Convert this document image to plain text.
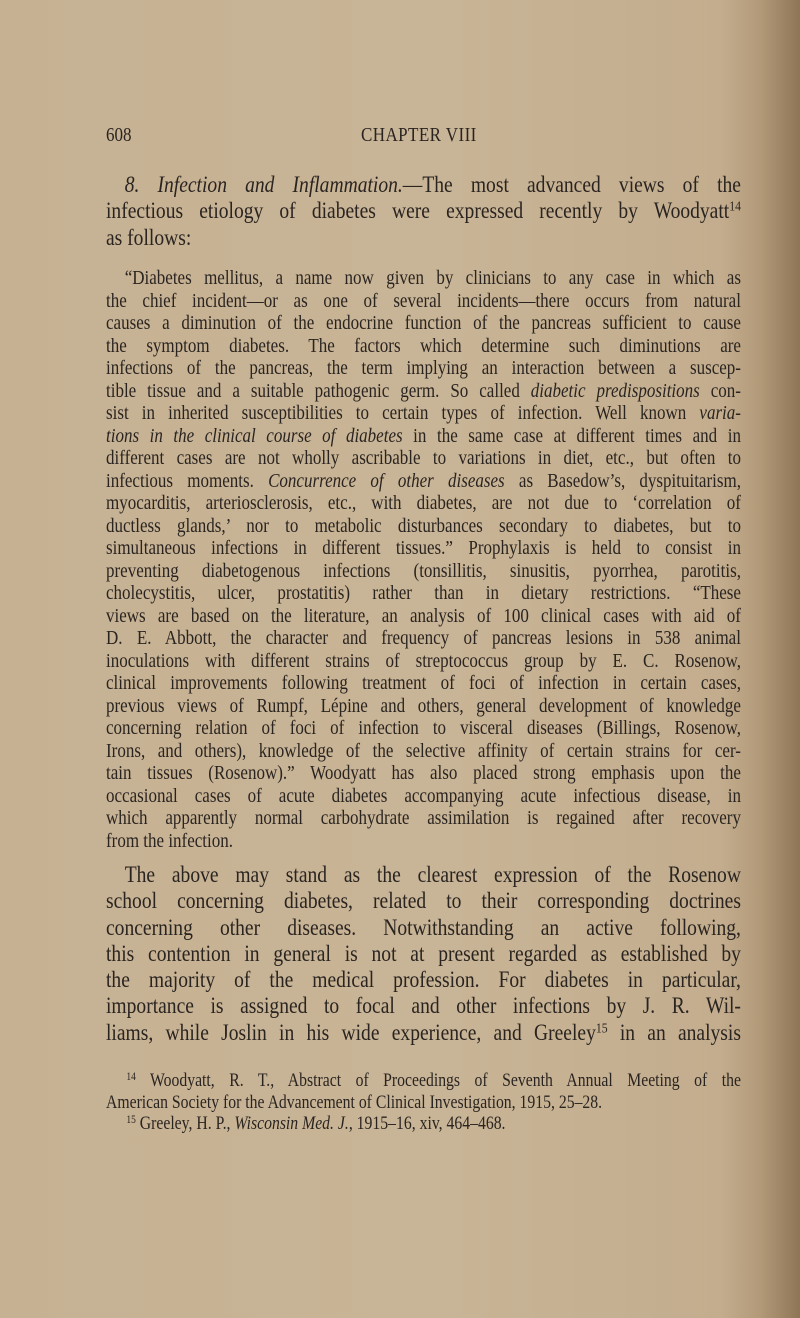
608	CHAPTER VIII
8. Infection and Inflammation.—The most advanced views of the
infectious etiology of diabetes were expressed recently by Woodyatt$^{14}$
as follows:
“Diabetes mellitus, a name now given by clinicians to any case in which as
the chief incident—or as one of several incidents—there occurs from natural
causes a diminution of the endocrine function of the pancreas sufficient to cause
the symptom diabetes. The factors which determine such diminutions are
infections of the pancreas, the term implying an interaction between a suscep-
tible tissue and a suitable pathogenic germ. So called diabetic predispositions con-
sist in inherited susceptibilities to certain types of infection. Well known varia-
tions in the clinical course of diabetes in the same case at different times and in
different cases are not wholly ascribable to variations in diet, etc., but often to
infectious moments. Concurrence of other diseases as Basedow’s, dyspituitarism,
myocarditis, arteriosclerosis, etc., with diabetes, are not due to ‘correlation of
ductless glands,’ nor to metabolic disturbances secondary to diabetes, but to
simultaneous infections in different tissues.” Prophylaxis is held to consist in
preventing diabetogenous infections (tonsillitis, sinusitis, pyorrhea, parotitis,
cholecystitis, ulcer, prostatitis) rather than in dietary restrictions. “These
views are based on the literature, an analysis of 100 clinical cases with aid of
D. E. Abbott, the character and frequency of pancreas lesions in 538 animal
inoculations with different strains of streptococcus group by E. C. Rosenow,
clinical improvements following treatment of foci of infection in certain cases,
previous views of Rumpf, Lépine and others, general development of knowledge
concerning relation of foci of infection to visceral diseases (Billings, Rosenow,
Irons, and others), knowledge of the selective affinity of certain strains for cer-
tain tissues (Rosenow).” Woodyatt has also placed strong emphasis upon the
occasional cases of acute diabetes accompanying acute infectious disease, in
which apparently normal carbohydrate assimilation is regained after recovery
from the infection.
The above may stand as the clearest expression of the Rosenow
school concerning diabetes, related to their corresponding doctrines
concerning other diseases. Notwithstanding an active following,
this contention in general is not at present regarded as established by
the majority of the medical profession. For diabetes in particular,
importance is assigned to focal and other infections by J. R. Wil-
liams, while Joslin in his wide experience, and Greeley$^{15}$ in an analysis
$^{14}$ Woodyatt, R. T., Abstract of Proceedings of Seventh Annual Meeting of the
American Society for the Advancement of Clinical Investigation, 1915, 25–28.
$^{15}$ Greeley, H. P., Wisconsin Med. J., 1915–16, xiv, 464–468.
